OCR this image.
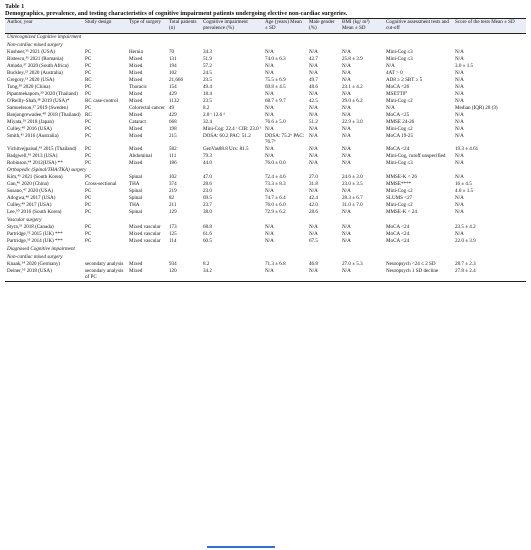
Table 1
Demographics, prevalence, and testing characteristics of cognitive impairment patients undergoing elective non-cardiac surgeries.
Author, year	Study design	Type of surgery	Total patients (n)	Cognitive impairment prevalence (%)	Age (years) Mean ± SD	Male gender (%)	BMI (kg/ m²) Mean ± SD	Cognitive assessment tests and cut-off	Score of the tests Mean ± SD
Unrecognized Cognitive impairment									
Non-cardiac mixed surgery									
Kushner,³⁵ 2021 (USA)	PC	Hernia	70	34.3	N/A	N/A	N/A	Mini-Cog ≤3	N/A
Ristescu,³⁶ 2021 (Romania)	PC	Mixed	131	51.9	74.0 ± 6.3	42.7	25.8 ± 3.9	Mini-Cog ≤3	N/A
Amado,³⁷ 2020 (South Africa)	PC	Mixed	194	57.2	N/A	N/A	N/A	N/A	3.0 ± 1.5
Buckley,²³ 2020 (Australia)	PC	Mixed	102	24.5	N/A	N/A	N/A	4AT > 0	N/A
Gregory,¹³ 2020 (USA)	RC	Mixed	21,666	23.5	75.5 ± 6.9	49.7	N/A	AD8 ≥ 2 SBT ≥ 5	N/A
Tong,³⁸ 2020 (China)	PC	Thoracic	154	49.4	69.8 ± 4.5	48.6	23.1 ± 4.2	MoCA <26	N/A
Pipanmekaporn,³⁹ 2020 (Thailand)	PC	Mixed	429	18.4	N/A	N/A	N/A	MSETT0°	N/A
O'Reilly-Shah,³⁸ 2019 (USA)*	RC case-control	Mixed	1132	23.5	68.7 ± 9.7	42.5	29.0 ± 6.2	Mini-Cog ≤2	N/A
Samuelsson,²⁷ 2019 (Sweden)	PC	Colorectal cancer	49	8.2	N/A	N/A	N/A	N/A	Median (IQR) 28 (3)
Banjongrewadee,⁴⁰ 2018 (Thailand)	RC	Mixed	429	2.8 ᶜ 12.6 ᵈ	N/A	N/A	N/A	MoCA <25	N/A
Miyata,²⁹ 2018 (Japan)	PC	Cataract	668	32.4	76.6 ± 5.0	51.2	22.9 ± 3.0	MMSE 24-26	N/A
Culley,⁴⁰ 2016 (USA)	PC	Mixed	198	Mini-Cog: 22.4 ᶜ CIB: 23.0 ᶠ	N/A	N/A	N/A	Mini-Cog ≤2	N/A
Smith,⁴¹ 2016 (Australia)	PC	Mixed	215	DOSA: 60.2 PAC: 51.2	DOSA: 75.2ᵇ PAC: 76.7ᵇ	N/A	N/A	MoCA 19-25	N/A
Vichitvejpaisal,⁴² 2015 (Thailand)	PC	Mixed	582	GenVas88.8 Urx: 81.5	N/A	N/A	N/A	MoCA <24	19.3 ± 4.61
Badgwell,⁴³ 2013 (USA)	PC	Abdominal	111	79.3	N/A	N/A	N/A	Mini-Cog, cutoff unspecified	N/A
Robinson,⁴⁴ 2012(USA) **	PC	Mixed	186	44.0	76.0 ± 0.0	N/A	N/A	Mini-Cog ≤3	N/A
Orthopedic (Spinal/THA/TKA) surgery									
Kim,⁴⁵ 2021 (South Korea)	PC	Spinal	102	47.0	72.4 ± 4.6	27.0	24.6 ± 3.0	MMSE-K < 26	N/A
Gan,⁴⁶ 2020 (China)	Cross-sectional	THA	374	28.6	73.3 ± 8.3	31.8	23.0 ± 3.5	MMSE****	16 ± 4.5
Susano,⁴⁷ 2020 (USA)	PC	Spinal	219	23.0	N/A	N/A	N/A	Mini-Cog ≤2	4.0 ± 1.5
Adogwa,⁴⁸ 2017 (USA)	PC	Spinal	82	69.5	74.7 ± 6.4	42.4	28.3 ± 6.7	SLUMS <27	N/A
Culley,⁴⁹ 2017 (USA)	PC	THA	211	23.7	76.0 ± 6.0	42.0	31.0 ± 7.0	Mini-Cog ≤2	N/A
Lee,⁵⁰ 2016 (South Korea)	PC	Spinal	129	38.0	72.9 ± 6.2	28.6	N/A	MMSE-K < 24	N/A
Vascular surgery									
Styra,⁵¹ 2018 (Canada)	PC	Mixed vascular	173	68.8	N/A	N/A	N/A	MoCA <24	23.5 ± 4.2
Partridge,⁵² 2015 (UK) ***	PC	Mixed vascular	125	61.6	N/A	N/A	N/A	MoCA <24	N/A
Partridge,⁵³ 2014 (UK) ***	PC	Mixed vascular	114	60.5	N/A	67.5	N/A	MoCA <24	22.0 ± 3.9
Diagnosed Cognitive impairment									
Non-cardiac mixed surgery									
Knaak,⁵⁴ 2020 (Germany)	secondary analysis	Mixed	934	8.2	71.3 ± 6.8	46.8	27.0 ± 5.3	Neuropsych <24 ≤ 2 SD	28.7 ± 2.3
Deiner,⁵⁵ 2018 (USA)	secondary analysis of PC	Mixed	120	34.2	N/A	N/A	N/A	Neuropsych 1 SD decline	27.8 ± 2.4
